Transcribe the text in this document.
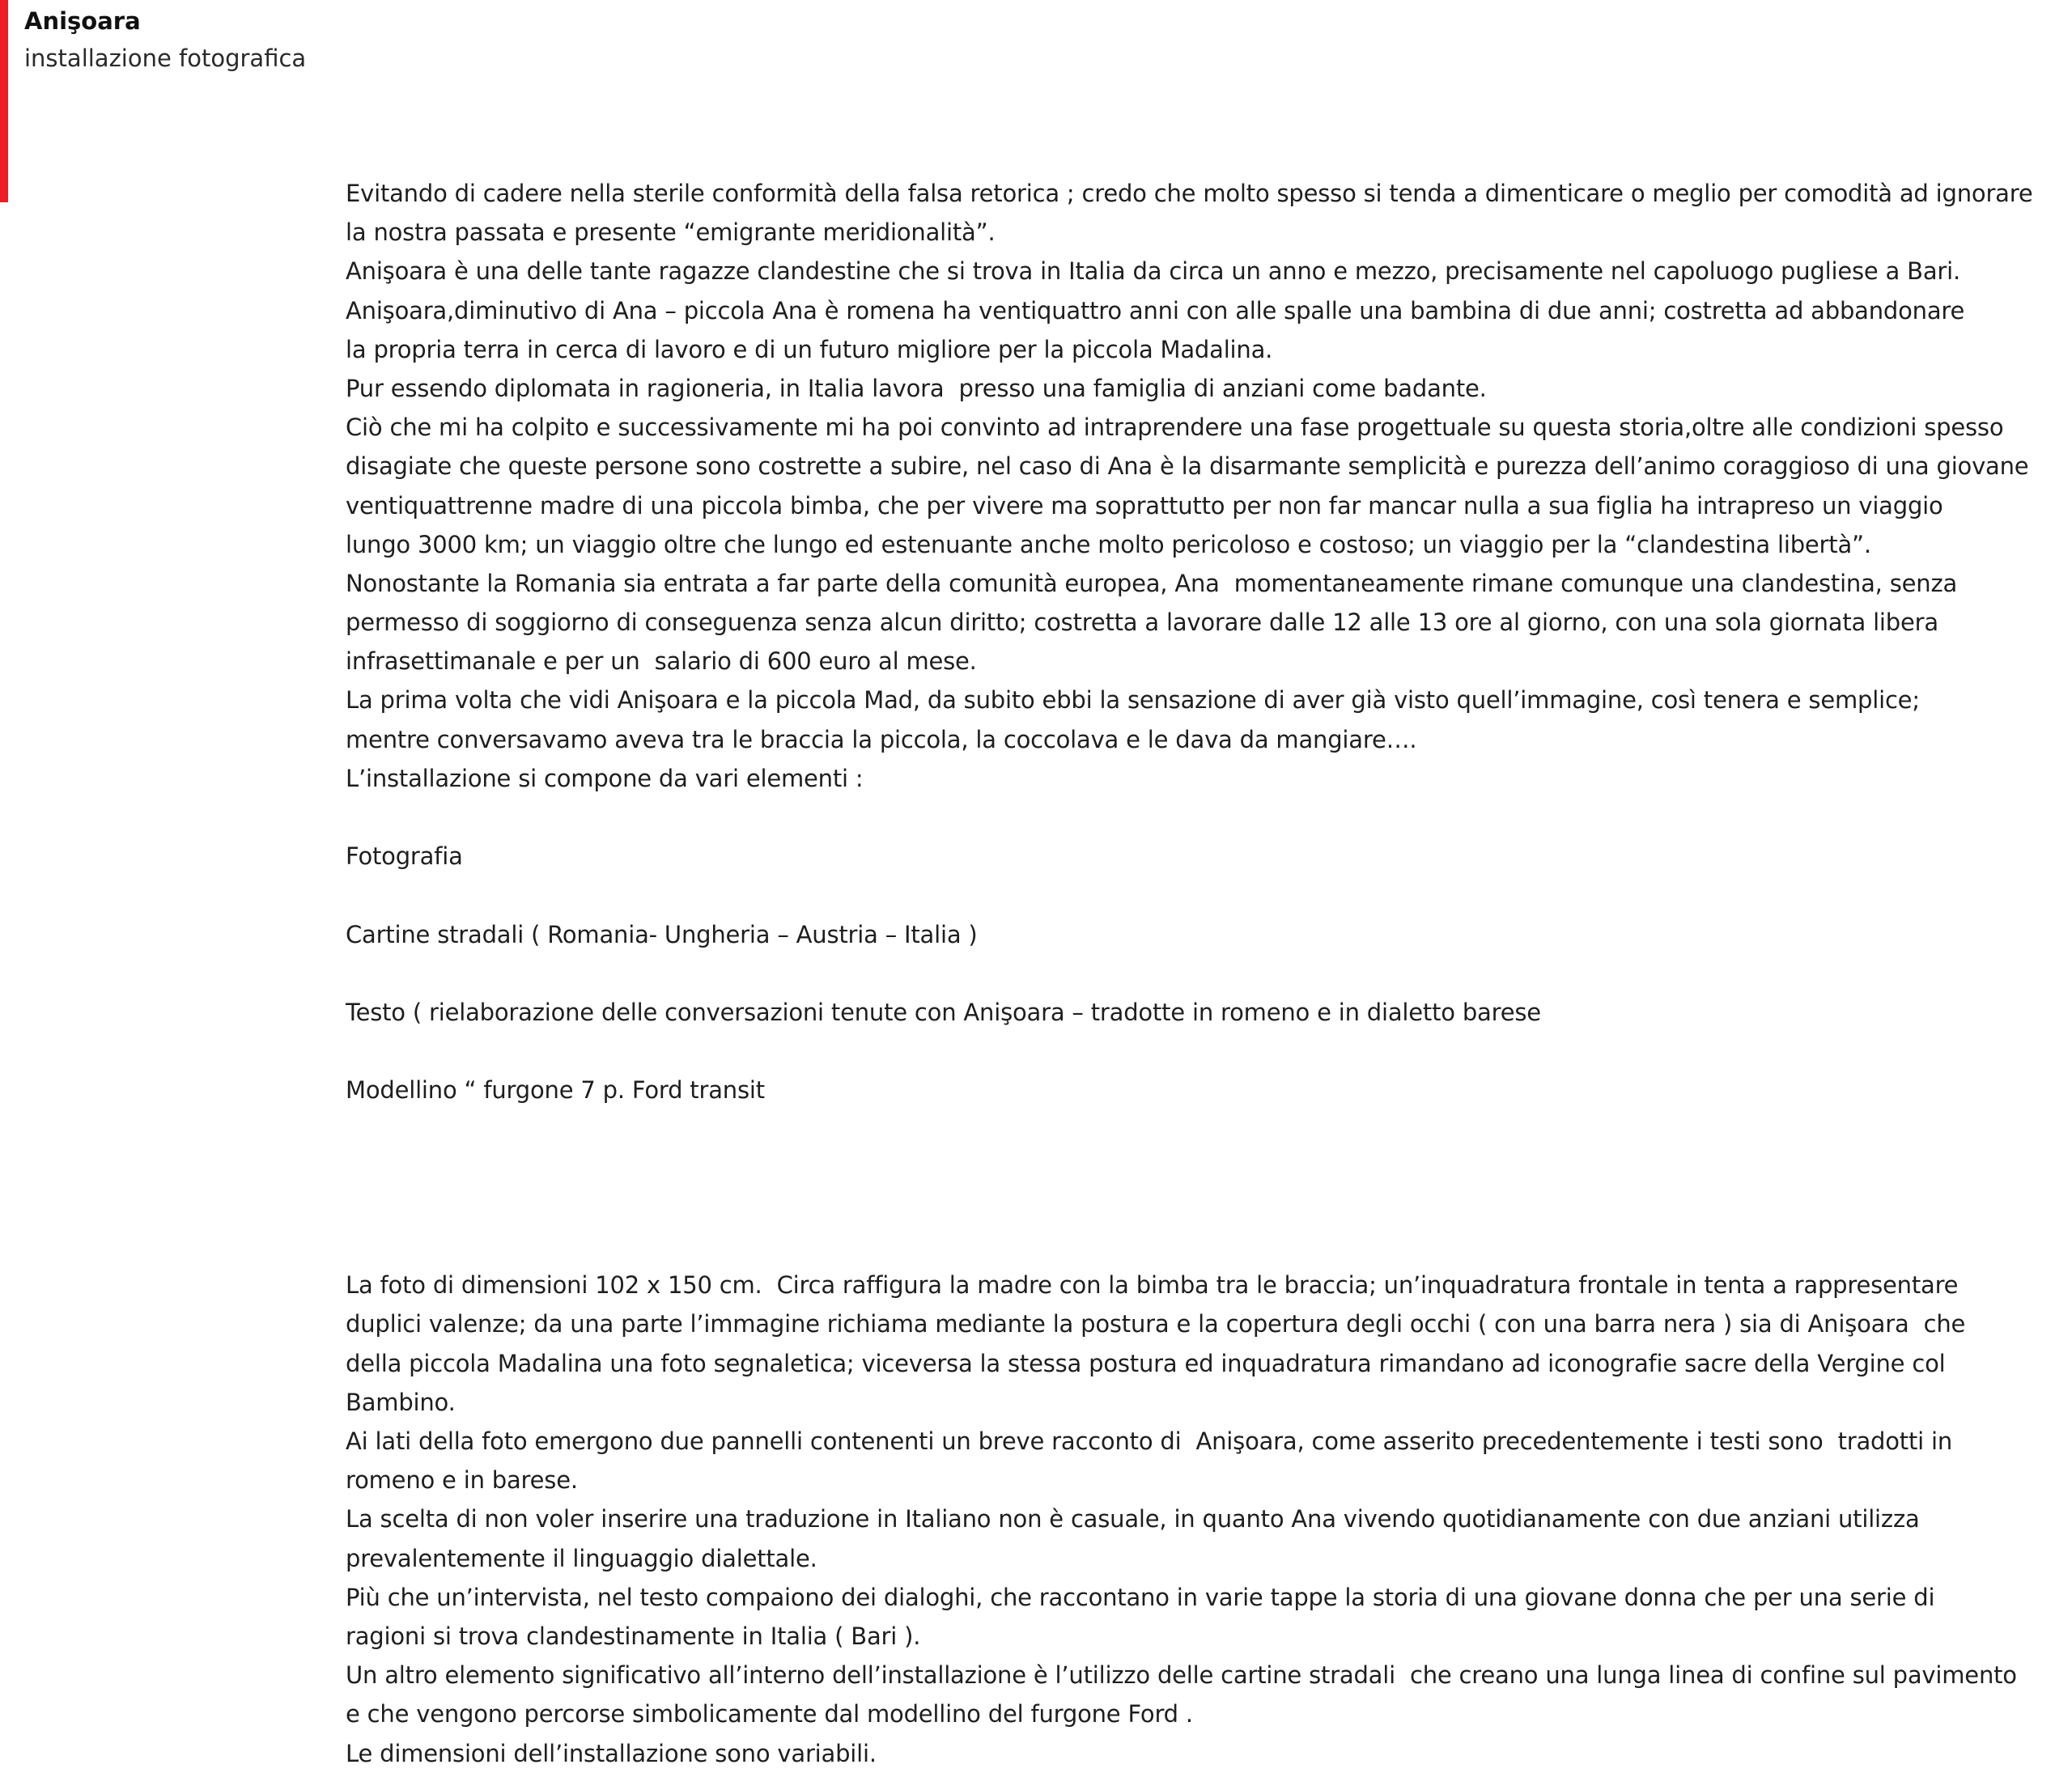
Anişoara
installazione fotografica
Evitando di cadere nella sterile conformità della falsa retorica ; credo che molto spesso si tenda a dimenticare o meglio per comodità ad ignorare
la nostra passata e presente “emigrante meridionalità”.
Anişoara è una delle tante ragazze clandestine che si trova in Italia da circa un anno e mezzo, precisamente nel capoluogo pugliese a Bari.
Anişoara,diminutivo di Ana – piccola Ana è romena ha ventiquattro anni con alle spalle una bambina di due anni; costretta ad abbandonare
la propria terra in cerca di lavoro e di un futuro migliore per la piccola Madalina.
Pur essendo diplomata in ragioneria, in Italia lavora  presso una famiglia di anziani come badante.
Ciò che mi ha colpito e successivamente mi ha poi convinto ad intraprendere una fase progettuale su questa storia,oltre alle condizioni spesso
disagiate che queste persone sono costrette a subire, nel caso di Ana è la disarmante semplicità e purezza dell’animo coraggioso di una giovane
ventiquattrenne madre di una piccola bimba, che per vivere ma soprattutto per non far mancar nulla a sua figlia ha intrapreso un viaggio
lungo 3000 km; un viaggio oltre che lungo ed estenuante anche molto pericoloso e costoso; un viaggio per la “clandestina libertà”.
Nonostante la Romania sia entrata a far parte della comunità europea, Ana  momentaneamente rimane comunque una clandestina, senza
permesso di soggiorno di conseguenza senza alcun diritto; costretta a lavorare dalle 12 alle 13 ore al giorno, con una sola giornata libera
infrasettimanale e per un  salario di 600 euro al mese.
La prima volta che vidi Anişoara e la piccola Mad, da subito ebbi la sensazione di aver già visto quell’immagine, così tenera e semplice;
mentre conversavamo aveva tra le braccia la piccola, la coccolava e le dava da mangiare….
L’installazione si compone da vari elementi :
Fotografia
Cartine stradali ( Romania- Ungheria – Austria – Italia )
Testo ( rielaborazione delle conversazioni tenute con Anişoara – tradotte in romeno e in dialetto barese
Modellino “ furgone 7 p. Ford transit
La foto di dimensioni 102 x 150 cm.  Circa raffigura la madre con la bimba tra le braccia; un’inquadratura frontale in tenta a rappresentare
duplici valenze; da una parte l’immagine richiama mediante la postura e la copertura degli occhi ( con una barra nera ) sia di Anişoara  che
della piccola Madalina una foto segnaletica; viceversa la stessa postura ed inquadratura rimandano ad iconografie sacre della Vergine col
Bambino.
Ai lati della foto emergono due pannelli contenenti un breve racconto di  Anişoara, come asserito precedentemente i testi sono  tradotti in
romeno e in barese.
La scelta di non voler inserire una traduzione in Italiano non è casuale, in quanto Ana vivendo quotidianamente con due anziani utilizza
prevalentemente il linguaggio dialettale.
Più che un’intervista, nel testo compaiono dei dialoghi, che raccontano in varie tappe la storia di una giovane donna che per una serie di
ragioni si trova clandestinamente in Italia ( Bari ).
Un altro elemento significativo all’interno dell’installazione è l’utilizzo delle cartine stradali  che creano una lunga linea di confine sul pavimento
e che vengono percorse simbolicamente dal modellino del furgone Ford .
Le dimensioni dell’installazione sono variabili.
